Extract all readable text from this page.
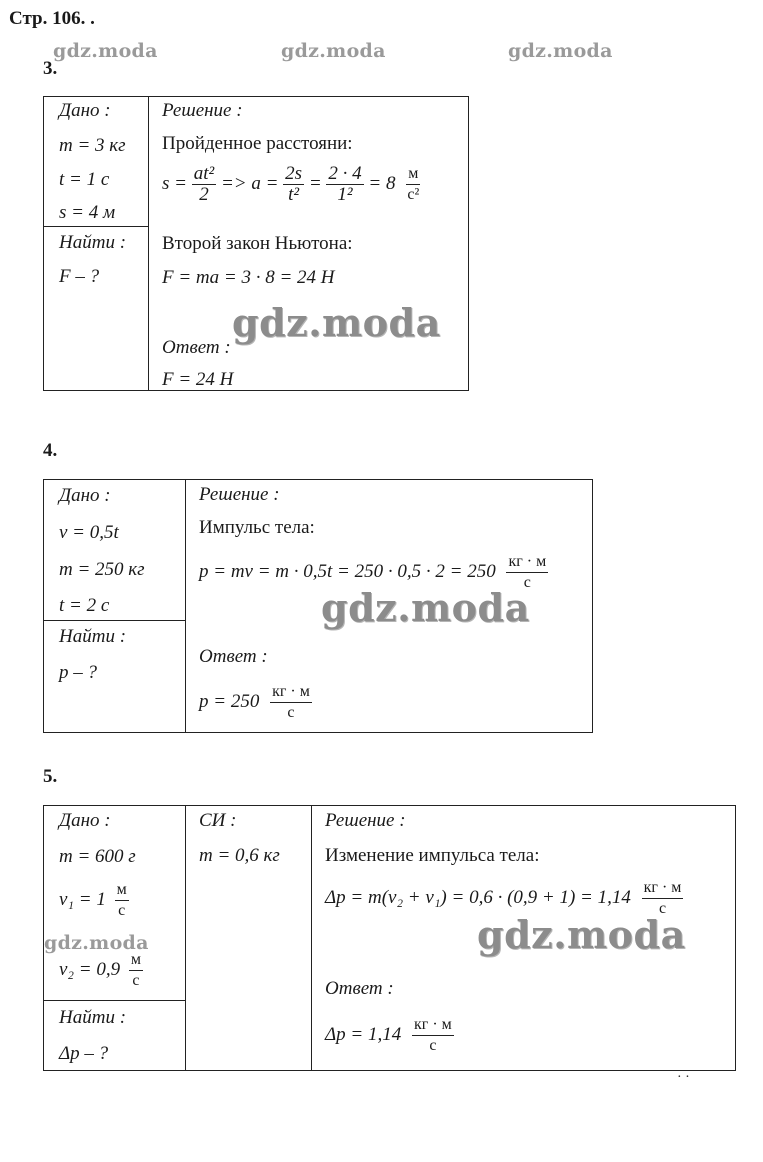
Стр. 106. .
gdz.moda	gdz.moda	gdz.moda
3.
Дано :
m = 3 кг
t = 1 с
s = 4 м
Найти :
F – ?
Решение :
Пройденное расстояни:
$s = \frac{\text{at²}}{2} => a = \frac{2s}{\text{t²}} = \frac{2 \cdot 4}{\text{1²}} = 8 \frac{м}{\text{с²}}$
Второй закон Ньютона:
F = ma = 3 · 8 = 24 Н
gdz.moda
Ответ :
F = 24 Н
4.
Дано :
v = 0,5t
m = 250 кг
t = 2 с
Найти :
p – ?
Решение :
Импульс тела:
p = mv = $m \cdot 0,5t = 250 \cdot 0,5 \cdot 2 = 250 \frac{кг \cdot м}{с}$
gdz.moda
Ответ :
$p = 250 \frac{кг \cdot м}{с}$
5.
Дано :
m = 600 г
$v_1 = 1 \frac{м}{с}$
gdz.moda
$v_2 = 0,9 \frac{м}{с}$
Найти :
Δp – ?
СИ :
m = 0,6 кг
Решение :
Изменение импульса тела:
$\Delta p = m(v_2 + v_1) = 0,6 \cdot (0,9 + 1) = 1,14 \frac{кг \cdot м}{с}$
gdz.moda
Ответ :
$\Delta p = 1,14 \frac{кг \cdot м}{с}$
· ·
